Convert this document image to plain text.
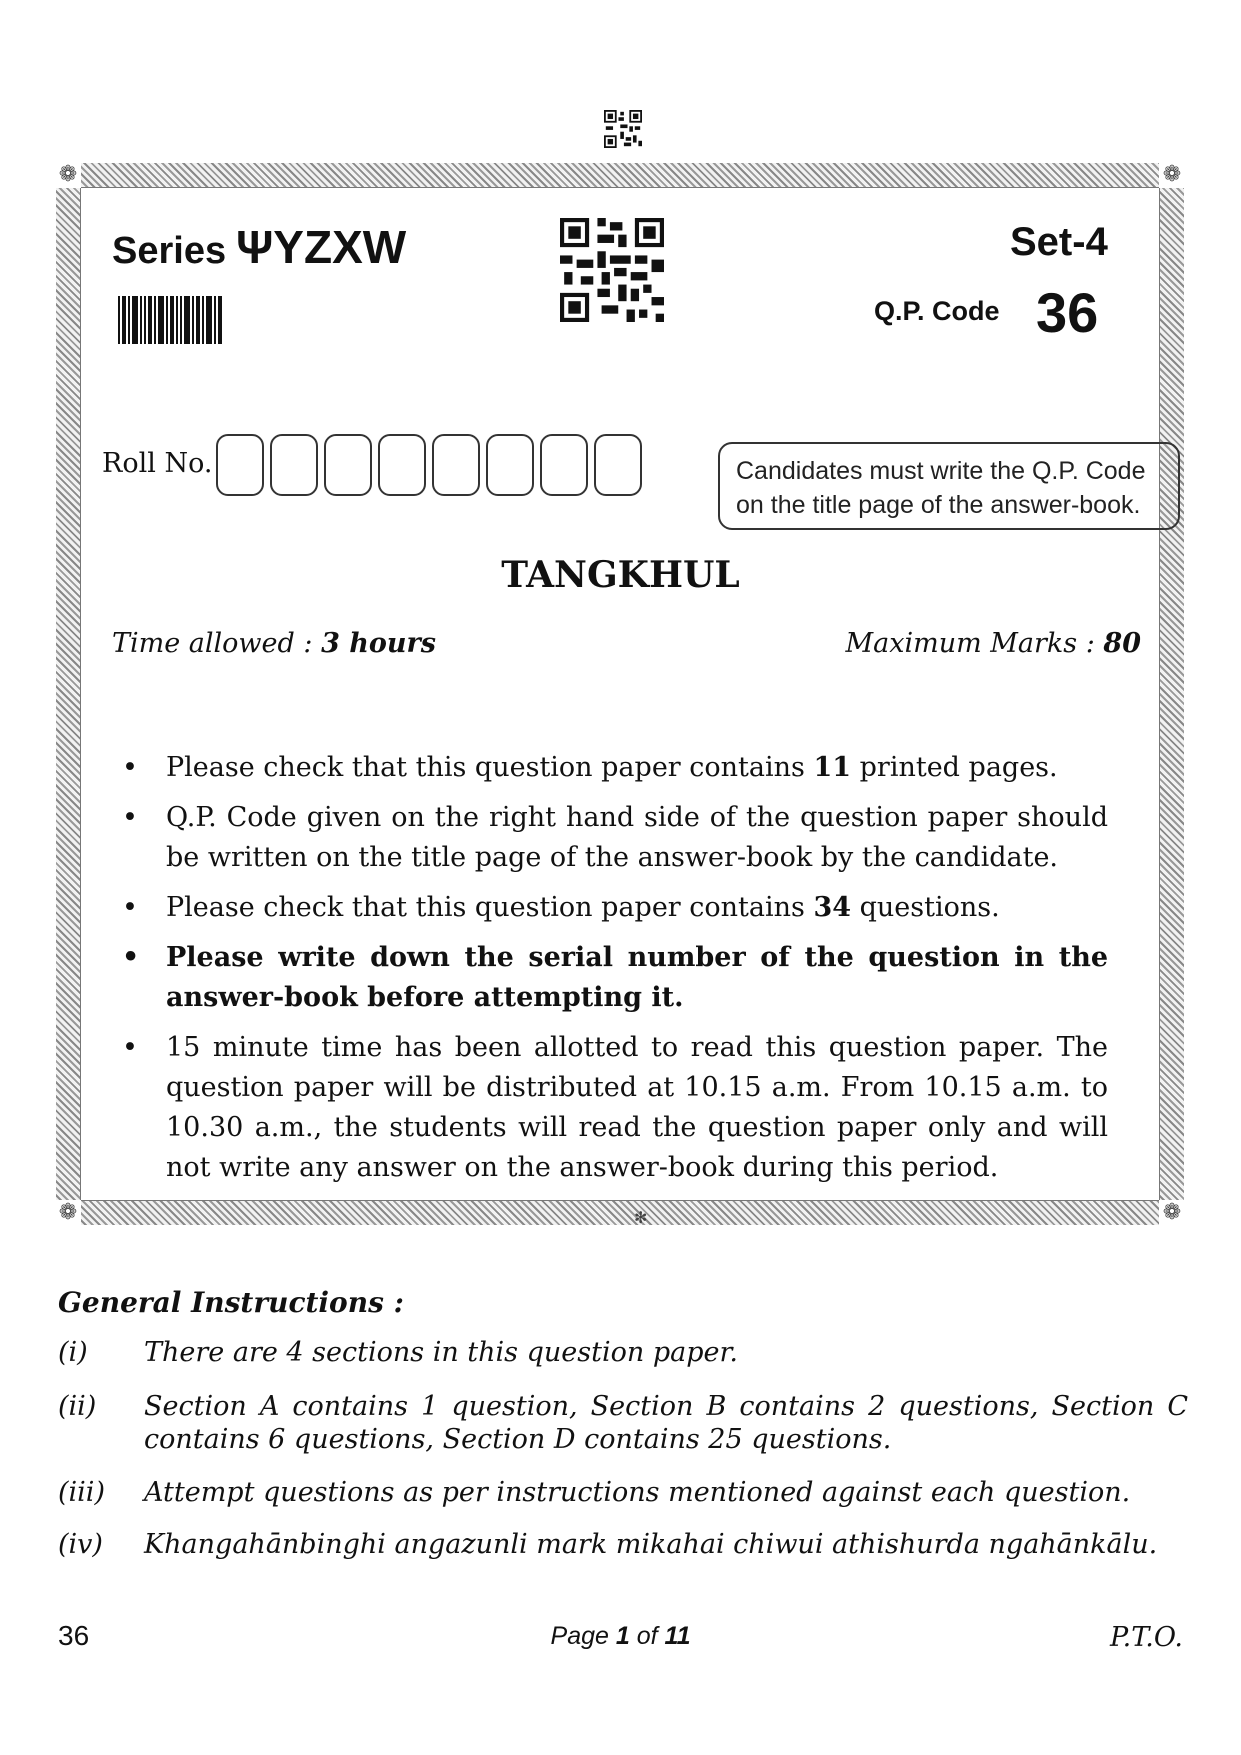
❁	❁
❁	❁
✻
Series ΨYZXW	Set-4
Q.P. Code 36
Roll No.	Candidates must write the Q.P. Code
on the title page of the answer-book.
TANGKHUL
Time allowed : 3 hours	Maximum Marks : 80
• Please check that this question paper contains 11 printed pages.
• Q.P. Code given on the right hand side of the question paper should be written on the title page of the answer-book by the candidate.
• Please check that this question paper contains 34 questions.
• Please write down the serial number of the question in the answer-book before attempting it.
• 15 minute time has been allotted to read this question paper. The question paper will be distributed at 10.15 a.m. From 10.15 a.m. to 10.30 a.m., the students will read the question paper only and will not write any answer on the answer-book during this period.
General Instructions :
(i) There are 4 sections in this question paper.
(ii) Section A contains 1 question, Section B contains 2 questions, Section C contains 6 questions, Section D contains 25 questions.
(iii) Attempt questions as per instructions mentioned against each question.
(iv) Khangahānbinghi angazunli mark mikahai chiwui athishurda ngahānkālu.
36	Page 1 of 11	P.T.O.
